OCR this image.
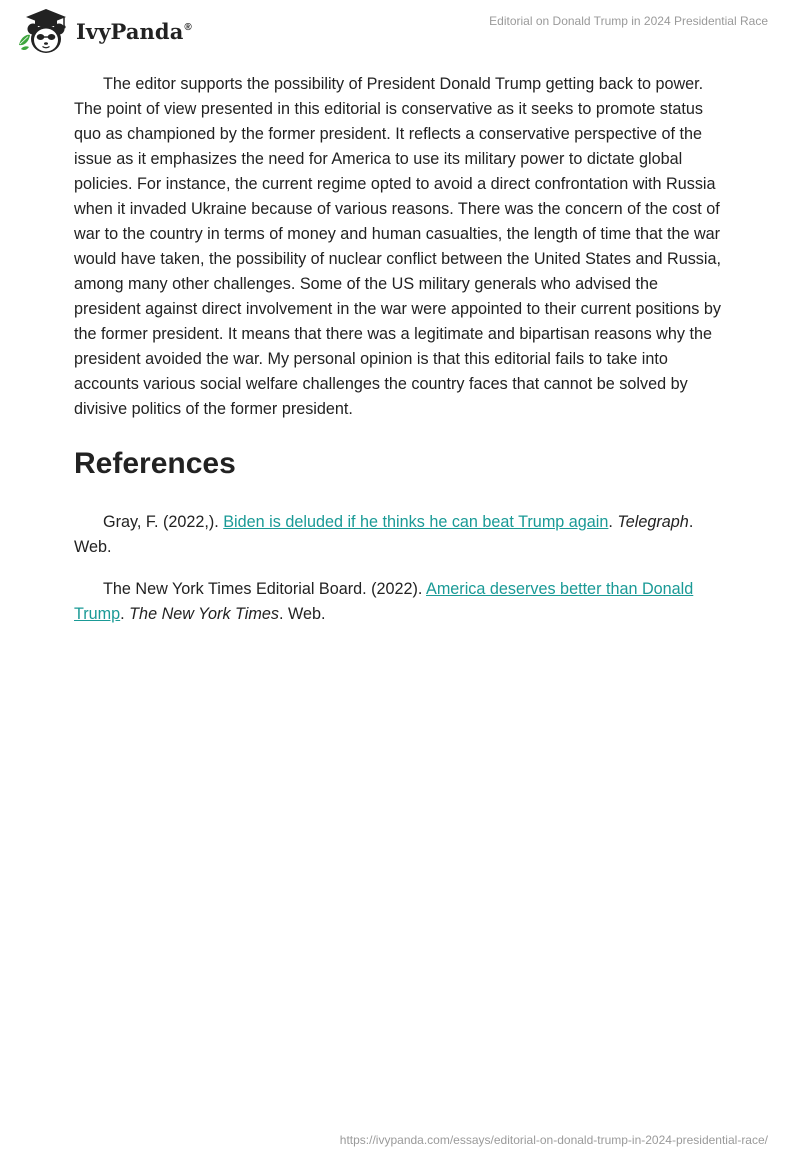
IvyPanda®	Editorial on Donald Trump in 2024 Presidential Race

The editor supports the possibility of President Donald Trump getting back to power. The point of view presented in this editorial is conservative as it seeks to promote status quo as championed by the former president. It reflects a conservative perspective of the issue as it emphasizes the need for America to use its military power to dictate global policies. For instance, the current regime opted to avoid a direct confrontation with Russia when it invaded Ukraine because of various reasons. There was the concern of the cost of war to the country in terms of money and human casualties, the length of time that the war would have taken, the possibility of nuclear conflict between the United States and Russia, among many other challenges. Some of the US military generals who advised the president against direct involvement in the war were appointed to their current positions by the former president. It means that there was a legitimate and bipartisan reasons why the president avoided the war. My personal opinion is that this editorial fails to take into accounts various social welfare challenges the country faces that cannot be solved by divisive politics of the former president.

References

Gray, F. (2022,). Biden is deluded if he thinks he can beat Trump again. Telegraph. Web.

The New York Times Editorial Board. (2022). America deserves better than Donald Trump. The New York Times. Web.

https://ivypanda.com/essays/editorial-on-donald-trump-in-2024-presidential-race/
